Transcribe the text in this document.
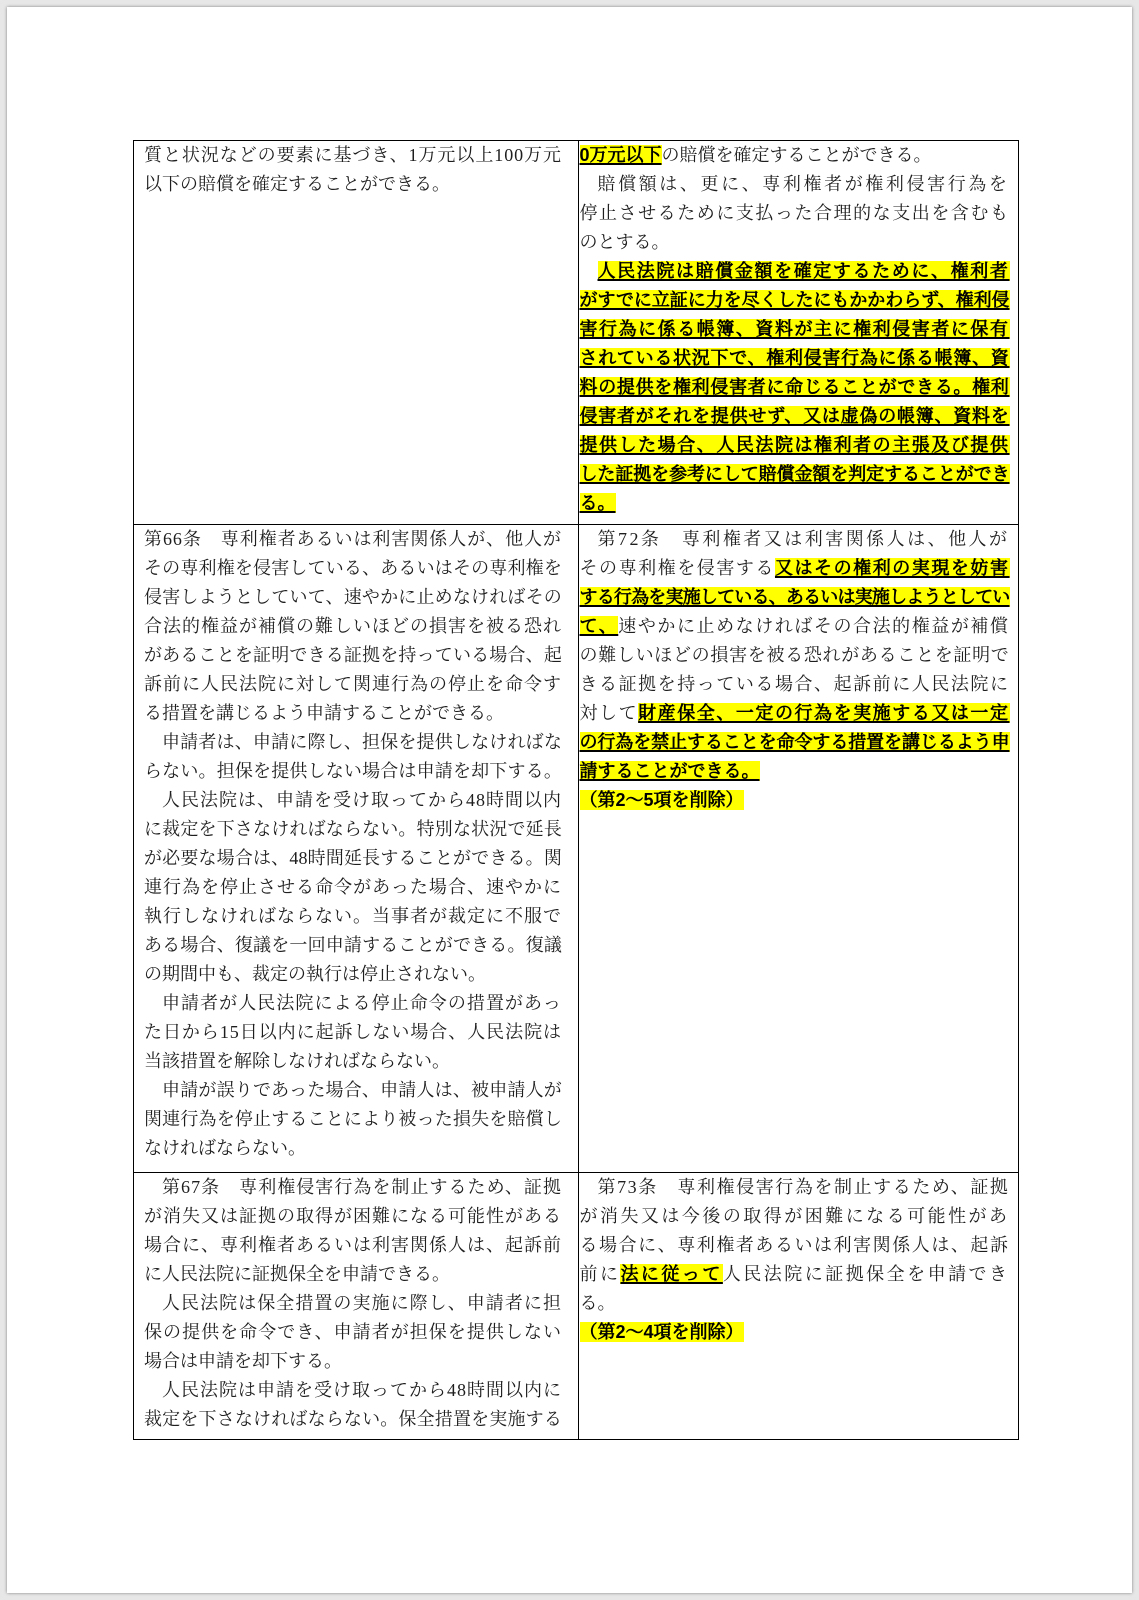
質と状況などの要素に基づき、1万元以上100万元
以下の賠償を確定することができる。
0万元以下の賠償を確定することができる。
賠償額は、更に、専利権者が権利侵害行為を
停止させるために支払った合理的な支出を含むも
のとする。
人民法院は賠償金額を確定するために、権利者
がすでに立証に力を尽くしたにもかかわらず、権利侵
害行為に係る帳簿、資料が主に権利侵害者に保有
されている状況下で、権利侵害行為に係る帳簿、資
料の提供を権利侵害者に命じることができる。権利
侵害者がそれを提供せず、又は虚偽の帳簿、資料を
提供した場合、人民法院は権利者の主張及び提供
した証拠を参考にして賠償金額を判定することができ
る。
第66条　専利権者あるいは利害関係人が、他人が
その専利権を侵害している、あるいはその専利権を
侵害しようとしていて、速やかに止めなければその
合法的権益が補償の難しいほどの損害を被る恐れ
があることを証明できる証拠を持っている場合、起
訴前に人民法院に対して関連行為の停止を命令す
る措置を講じるよう申請することができる。
申請者は、申請に際し、担保を提供しなければな
らない。担保を提供しない場合は申請を却下する。
人民法院は、申請を受け取ってから48時間以内
に裁定を下さなければならない。特別な状況で延長
が必要な場合は、48時間延長することができる。関
連行為を停止させる命令があった場合、速やかに
執行しなければならない。当事者が裁定に不服で
ある場合、復議を一回申請することができる。復議
の期間中も、裁定の執行は停止されない。
申請者が人民法院による停止命令の措置があっ
た日から15日以内に起訴しない場合、人民法院は
当該措置を解除しなければならない。
申請が誤りであった場合、申請人は、被申請人が
関連行為を停止することにより被った損失を賠償し
なければならない。
第72条　専利権者又は利害関係人は、他人が
その専利権を侵害する又はその権利の実現を妨害
する行為を実施している、あるいは実施しようとしてい
て、速やかに止めなければその合法的権益が補償
の難しいほどの損害を被る恐れがあることを証明で
きる証拠を持っている場合、起訴前に人民法院に
対して財産保全、一定の行為を実施する又は一定
の行為を禁止することを命令する措置を講じるよう申
請することができる。
（第2～5項を削除）
第67条　専利権侵害行為を制止するため、証拠
が消失又は証拠の取得が困難になる可能性がある
場合に、専利権者あるいは利害関係人は、起訴前
に人民法院に証拠保全を申請できる。
人民法院は保全措置の実施に際し、申請者に担
保の提供を命令でき、申請者が担保を提供しない
場合は申請を却下する。
人民法院は申請を受け取ってから48時間以内に
裁定を下さなければならない。保全措置を実施する
第73条　専利権侵害行為を制止するため、証拠
が消失又は今後の取得が困難になる可能性があ
る場合に、専利権者あるいは利害関係人は、起訴
前に法に従って人民法院に証拠保全を申請でき
る。
（第2～4項を削除）
